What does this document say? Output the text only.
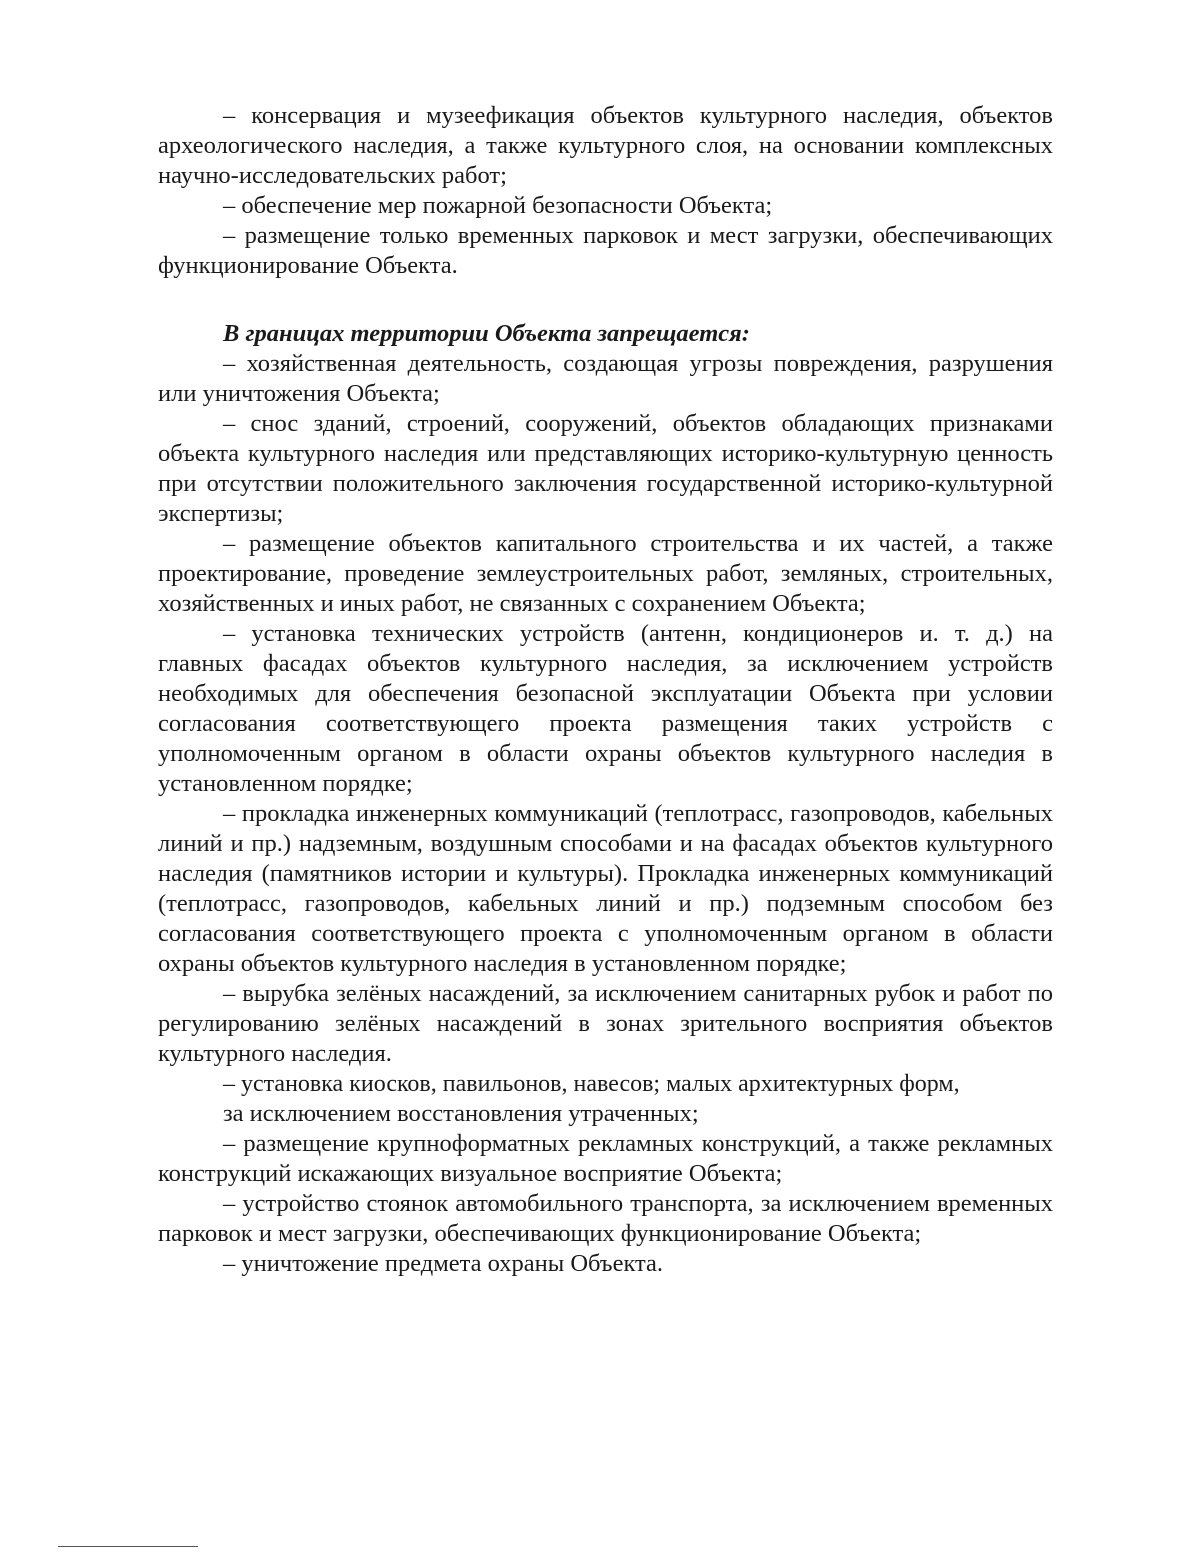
– консервация и музеефикация объектов культурного наследия, объектов археологического наследия, а также культурного слоя, на основании комплексных научно-исследовательских работ;

– обеспечение мер пожарной безопасности Объекта;

– размещение только временных парковок и мест загрузки, обеспечивающих функционирование Объекта.

В границах территории Объекта запрещается:

– хозяйственная деятельность, создающая угрозы повреждения, разрушения или уничтожения Объекта;

– снос зданий, строений, сооружений, объектов обладающих признаками объекта культурного наследия или представляющих историко-культурную ценность при отсутствии положительного заключения государственной историко-культурной экспертизы;

– размещение объектов капитального строительства и их частей, а также проектирование, проведение землеустроительных работ, земляных, строительных, хозяйственных и иных работ, не связанных с сохранением Объекта;

– установка технических устройств (антенн, кондиционеров и. т. д.) на главных фасадах объектов культурного наследия, за исключением устройств необходимых для обеспечения безопасной эксплуатации Объекта при условии согласования соответствующего проекта размещения таких устройств с уполномоченным органом в области охраны объектов культурного наследия в установленном порядке;

– прокладка инженерных коммуникаций (теплотрасс, газопроводов, кабельных линий и пр.) надземным, воздушным способами и на фасадах объектов культурного наследия (памятников истории и культуры). Прокладка инженерных коммуникаций (теплотрасс, газопроводов, кабельных линий и пр.) подземным способом без согласования соответствующего проекта с уполномоченным органом в области охраны объектов культурного наследия в установленном порядке;

– вырубка зелёных насаждений, за исключением санитарных рубок и работ по регулированию зелёных насаждений в зонах зрительного восприятия объектов культурного наследия.

– установка киосков, павильонов, навесов; малых архитектурных форм,

за исключением восстановления утраченных;

– размещение крупноформатных рекламных конструкций, а также рекламных конструкций искажающих визуальное восприятие Объекта;

– устройство стоянок автомобильного транспорта, за исключением временных парковок и мест загрузки, обеспечивающих функционирование Объекта;

– уничтожение предмета охраны Объекта.
